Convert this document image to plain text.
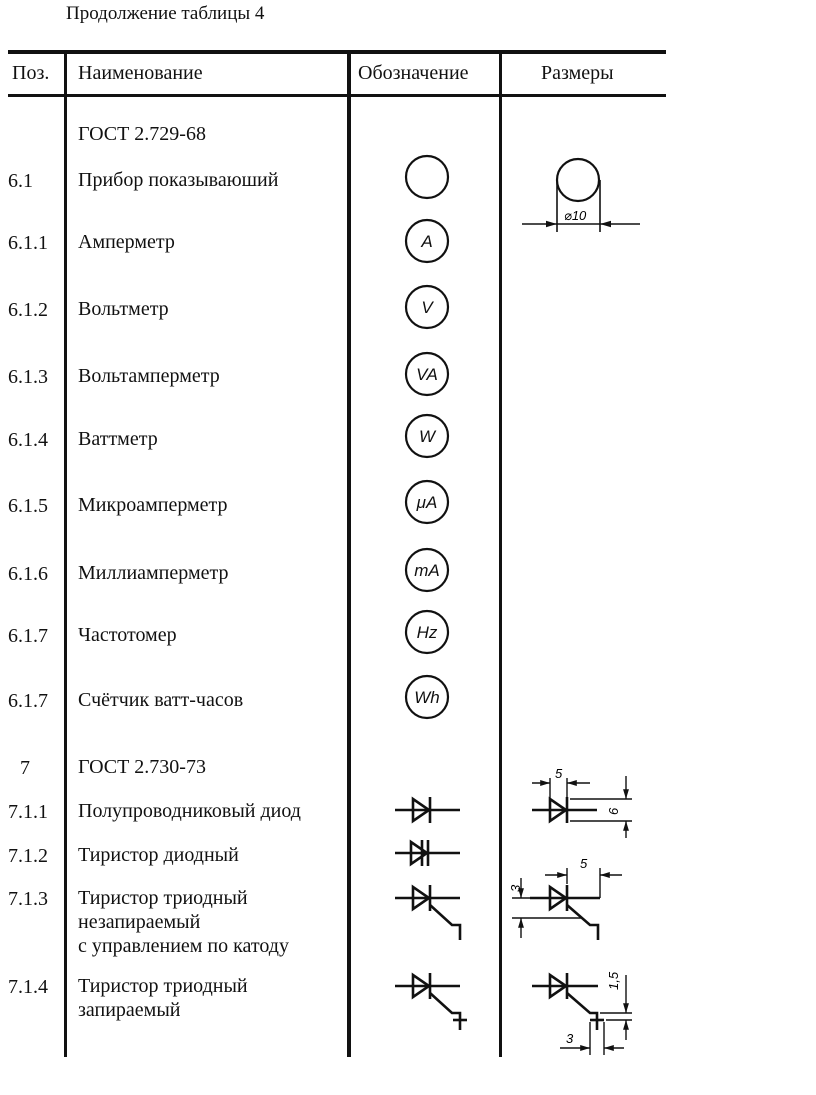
Продолжение таблицы 4
Поз. Наименование	Обозначение	Размеры
6.1
6.1.1
6.1.2
6.1.3
6.1.4
6.1.5
6.1.6
6.1.7
6.1.7
7
7.1.1
7.1.2
7.1.3
7.1.4
ГОСТ 2.729-68
Прибор показываюший
Амперметр
Вольтметр
Вольтамперметр
Ваттметр
Микроамперметр
Миллиамперметр
Частотомер
Счётчик ватт-часов
ГОСТ 2.730-73
Полупроводниковый диод
Тиристор диодный
Тиристор триодный
незапираемый
с управлением по катоду
Тиристор триодный
запираемый
A
V
VA
W
μA
mA
Hz
Wh
⌀10
5
6
5
3
1,5
3
